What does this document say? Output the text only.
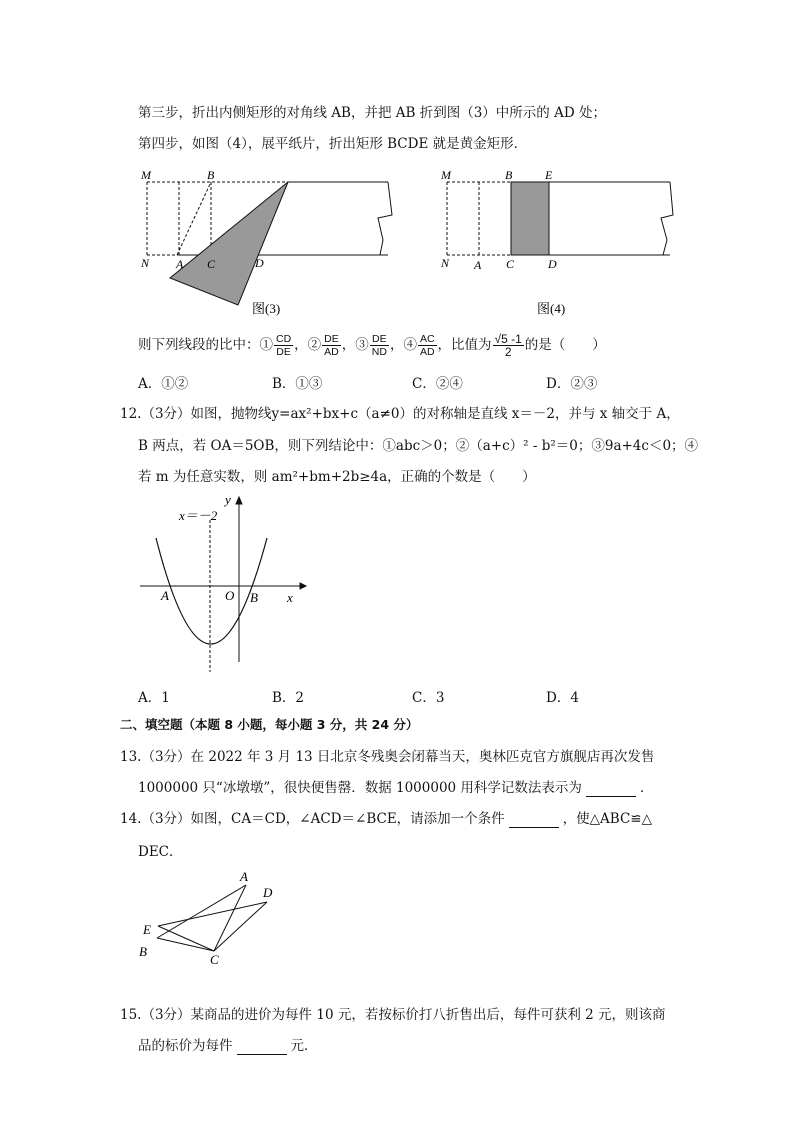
第三步，折出内侧矩形的对角线 AB，并把 AB 折到图（3）中所示的 AD 处；
第四步，如图（4），展平纸片，折出矩形 BCDE 就是黄金矩形．
M	B
N A C	D
图(3)
M	B	E
N A C	D
图(4)
则下列线段的比中：① $\frac{CD}{DE}$ ，② $\frac{DE}{AD}$ ，③ $\frac{DE}{ND}$ ，④ $\frac{AC}{AD}$ ，比值为 $\frac{√5 -1}{2}$ 的是（　　）
A．①②	B．①③	C．②④	D．②③
12.（3分）如图，抛物线y=ax²+bx+c（a≠0）的对称轴是直线 x＝－2，并与 x 轴交于 A，
B 两点，若 OA＝5OB，则下列结论中：①abc＞0；②（a+c）² - b²＝0；③9a+4c＜0；④
若 m 为任意实数，则 am²+bm+2b≥4a，正确的个数是（　　）
x＝－2
y
x
A	O B
A．1	B．2	C．3	D．4
二、填空题（本题 8 小题，每小题 3 分，共 24 分）
13.（3分）在 2022 年 3 月 13 日北京冬残奥会闭幕当天，奥林匹克官方旗舰店再次发售
1000000 只“冰墩墩”，很快便售罄．数据 1000000 用科学记数法表示为	．
14.（3分）如图，CA＝CD，∠ACD＝∠BCE，请添加一个条件	，使△ABC≌△
DEC．
A
D
E
B
C
15.（3分）某商品的进价为每件 10 元，若按标价打八折售出后，每件可获利 2 元，则该商
品的标价为每件	元．
